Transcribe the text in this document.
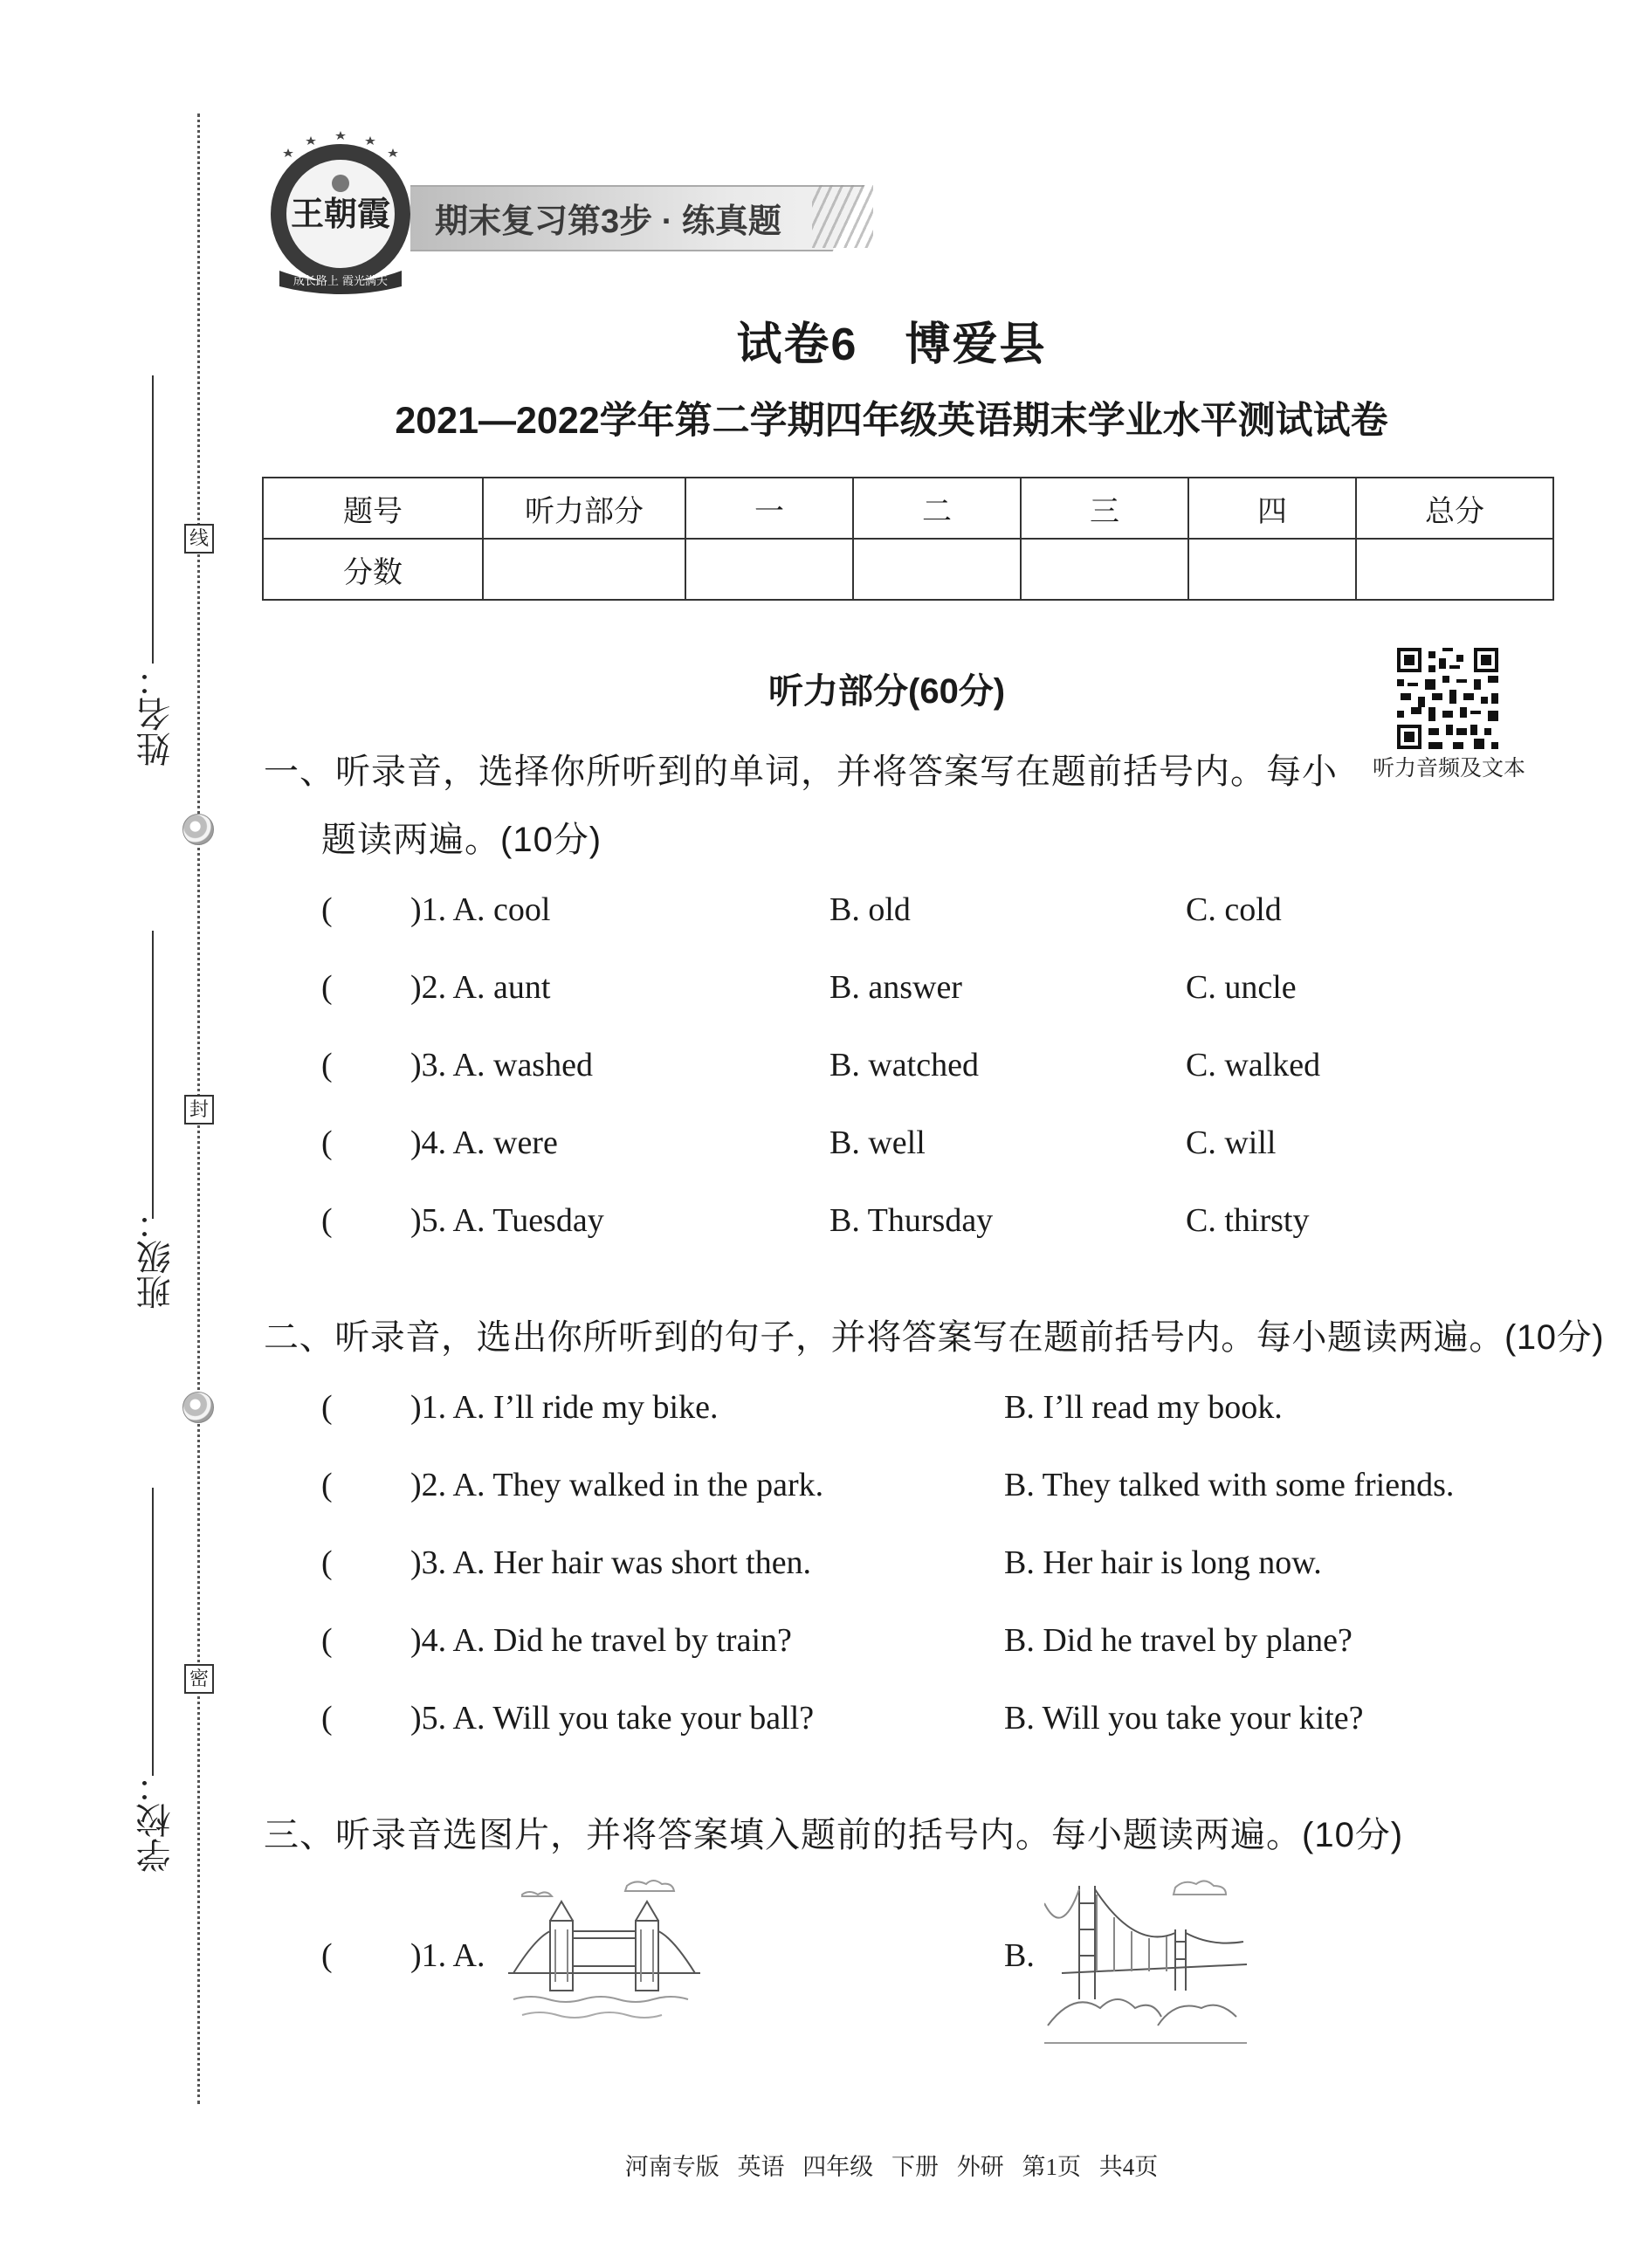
姓名：
线
班级：
封
学校：
密
期末复习第3步 · 练真题
王朝霞
成长路上 霞光满天
试卷6　博爱县
2021—2022学年第二学期四年级英语期末学业水平测试试卷
题号	听力部分	一	二	三	四	总分
分数						
听力部分(60分)
听力音频及文本
一、听录音，选择你所听到的单词，并将答案写在题前括号内。每小
题读两遍。(10分)
( )1. A. cool	B. old	C. cold
( )2. A. aunt	B. answer	C. uncle
( )3. A. washed	B. watched	C. walked
( )4. A. were	B. well	C. will
( )5. A. Tuesday	B. Thursday	C. thirsty
二、听录音，选出你所听到的句子，并将答案写在题前括号内。每小题读两遍。(10分)
( )1. A. I’ll ride my bike.	B. I’ll read my book.
( )2. A. They walked in the park.	B. They talked with some friends.
( )3. A. Her hair was short then.	B. Her hair is long now.
( )4. A. Did he travel by train?	B. Did he travel by plane?
( )5. A. Will you take your ball?	B. Will you take your kite?
三、听录音选图片，并将答案填入题前的括号内。每小题读两遍。(10分)
( )1. A.	B.
河南专版 英语 四年级 下册 外研 第1页 共4页
